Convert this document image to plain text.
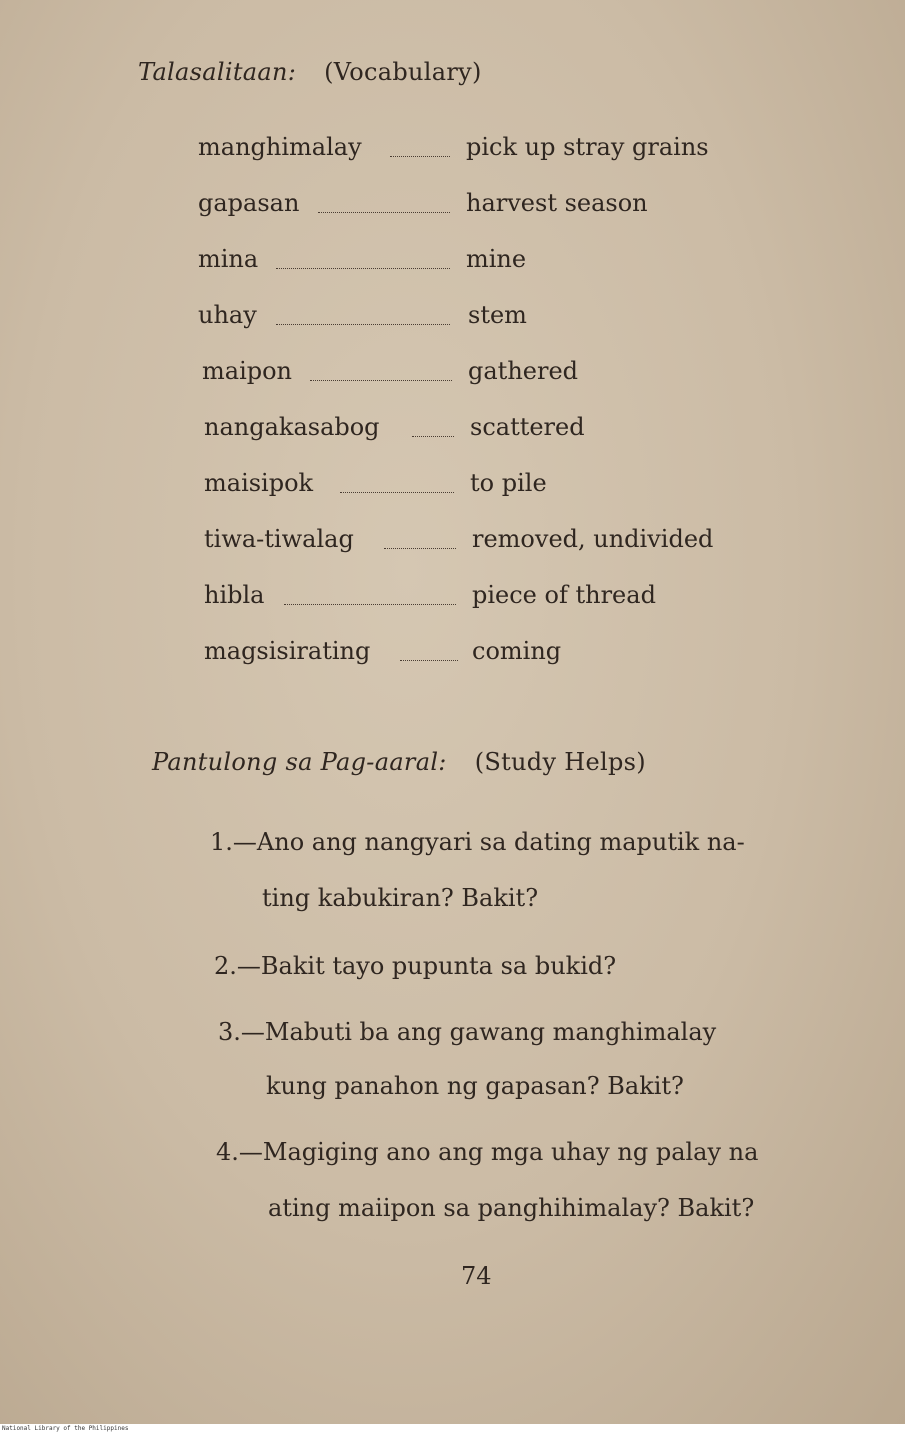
Talasalitaan: (Vocabulary)
manghimalay	pick up stray grains
gapasan	harvest season
mina	mine
uhay	stem
maipon	gathered
nangakasabog	scattered
maisipok	to pile
tiwa-tiwalag	removed, undivided
hibla	piece of thread
magsisirating	coming
Pantulong sa Pag-aaral: (Study Helps)
1.—Ano ang nangyari sa dating maputik na-
ting kabukiran? Bakit?
2.—Bakit tayo pupunta sa bukid?
3.—Mabuti ba ang gawang manghimalay
kung panahon ng gapasan? Bakit?
4.—Magiging ano ang mga uhay ng palay na
ating maiipon sa panghihimalay? Bakit?
74
National Library of the Philippines
